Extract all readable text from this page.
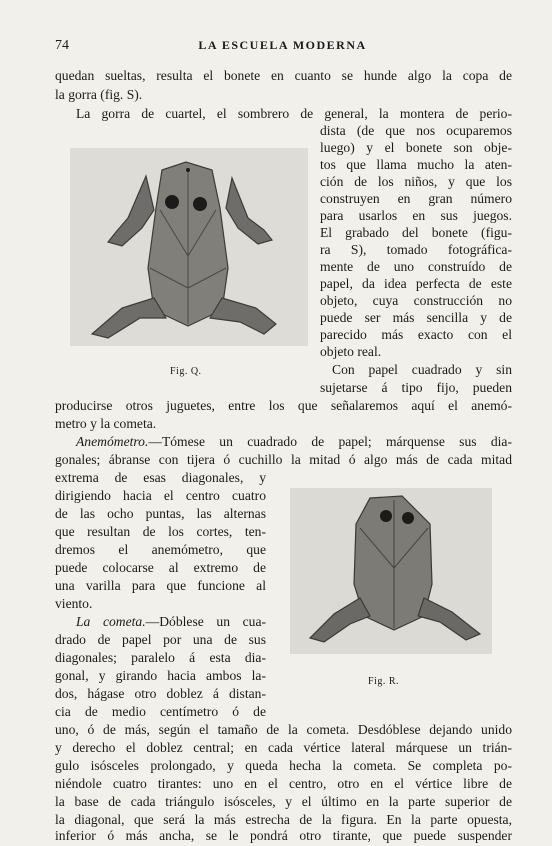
74	LA ESCUELA MODERNA
Fig. Q.
Fig. R.
quedan sueltas, resulta el bonete en cuanto se hunde algo la copa de
la gorra (fig. S).
La gorra de cuartel, el sombrero de general, la montera de perio-
dista (de que nos ocuparemos
luego) y el bonete son obje-
tos que llama mucho la aten-
ción de los niños, y que los
construyen en gran número
para usarlos en sus juegos.
El grabado del bonete (figu-
ra S), tomado fotográfica-
mente de uno construído de
papel, da idea perfecta de este
objeto, cuya construcción no
puede ser más sencilla y de
parecido más exacto con el
objeto real.
Con papel cuadrado y sin
sujetarse á tipo fijo, pueden
producirse otros juguetes, entre los que señalaremos aquí el anemó-
metro y la cometa.
Anemómetro.—Tómese un cuadrado de papel; márquense sus dia-
gonales; ábranse con tijera ó cuchillo la mitad ó algo más de cada mitad
extrema de esas diagonales, y
dirigiendo hacia el centro cuatro
de las ocho puntas, las alternas
que resultan de los cortes, ten-
dremos el anemómetro, que
puede colocarse al extremo de
una varilla para que funcione al
viento.
La cometa.—Dóblese un cua-
drado de papel por una de sus
diagonales; paralelo á esta dia-
gonal, y girando hacia ambos la-
dos, hágase otro doblez á distan-
cia de medio centímetro ó de
uno, ó de más, según el tamaño de la cometa. Desdóblese dejando unido
y derecho el doblez central; en cada vértice lateral márquese un trián-
gulo isósceles prolongado, y queda hecha la cometa. Se completa po-
niéndole cuatro tirantes: uno en el centro, otro en el vértice libre de
la base de cada triángulo isósceles, y el último en la parte superior de
la diagonal, que será la más estrecha de la figura. En la parte opuesta,
inferior ó más ancha, se le pondrá otro tirante, que puede suspender
